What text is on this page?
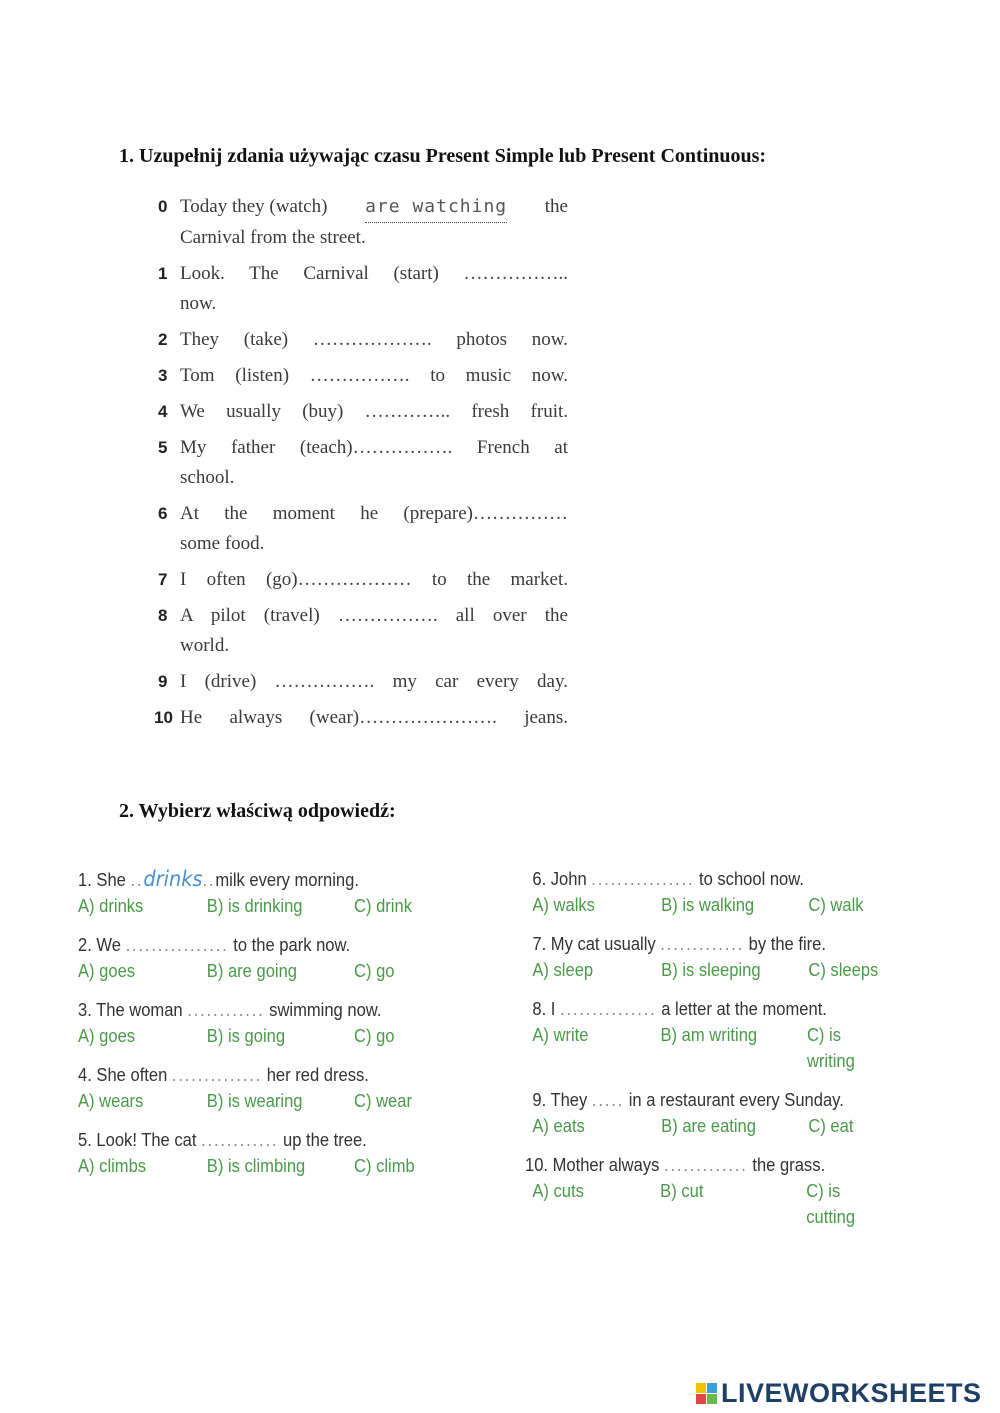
1. Uzupełnij zdania używając czasu Present Simple lub Present Continuous:
0 Today they (watch) are watching the
Carnival from the street.
1 Look. The Carnival (start) ……………..
now.
2 They (take) ………………. photos now.
3 Tom (listen) ……………. to music now.
4 We usually (buy) ………….. fresh fruit.
5 My father (teach)……………. French at
school.
6 At the moment he (prepare)……………
some food.
7 I often (go)……………… to the market.
8 A pilot (travel) ……………. all over the
world.
9 I (drive) ……………. my car every day.
10 He always (wear)…………………. jeans.
2. Wybierz właściwą odpowiedź:
1. She ..drinks..milk every morning.
A) drinks	B) is drinking	C) drink
2. We ................ to the park now.
A) goes	B) are going	C) go
3. The woman ............ swimming now.
A) goes	B) is going	C) go
4. She often .............. her red dress.
A) wears	B) is wearing	C) wear
5. Look! The cat ............ up the tree.
A) climbs	B) is climbing	C) climb
6. John ................ to school now.
A) walks	B) is walking	C) walk
7. My cat usually ............. by the fire.
A) sleep	B) is sleeping	C) sleeps
8. I ............... a letter at the moment.
A) write	B) am writing	C) is writing
9. They ..... in a restaurant every Sunday.
A) eats	B) are eating	C) eat
10. Mother always ............. the grass.
A) cuts	B) cut	C) is cutting
LIVEWORKSHEETS
